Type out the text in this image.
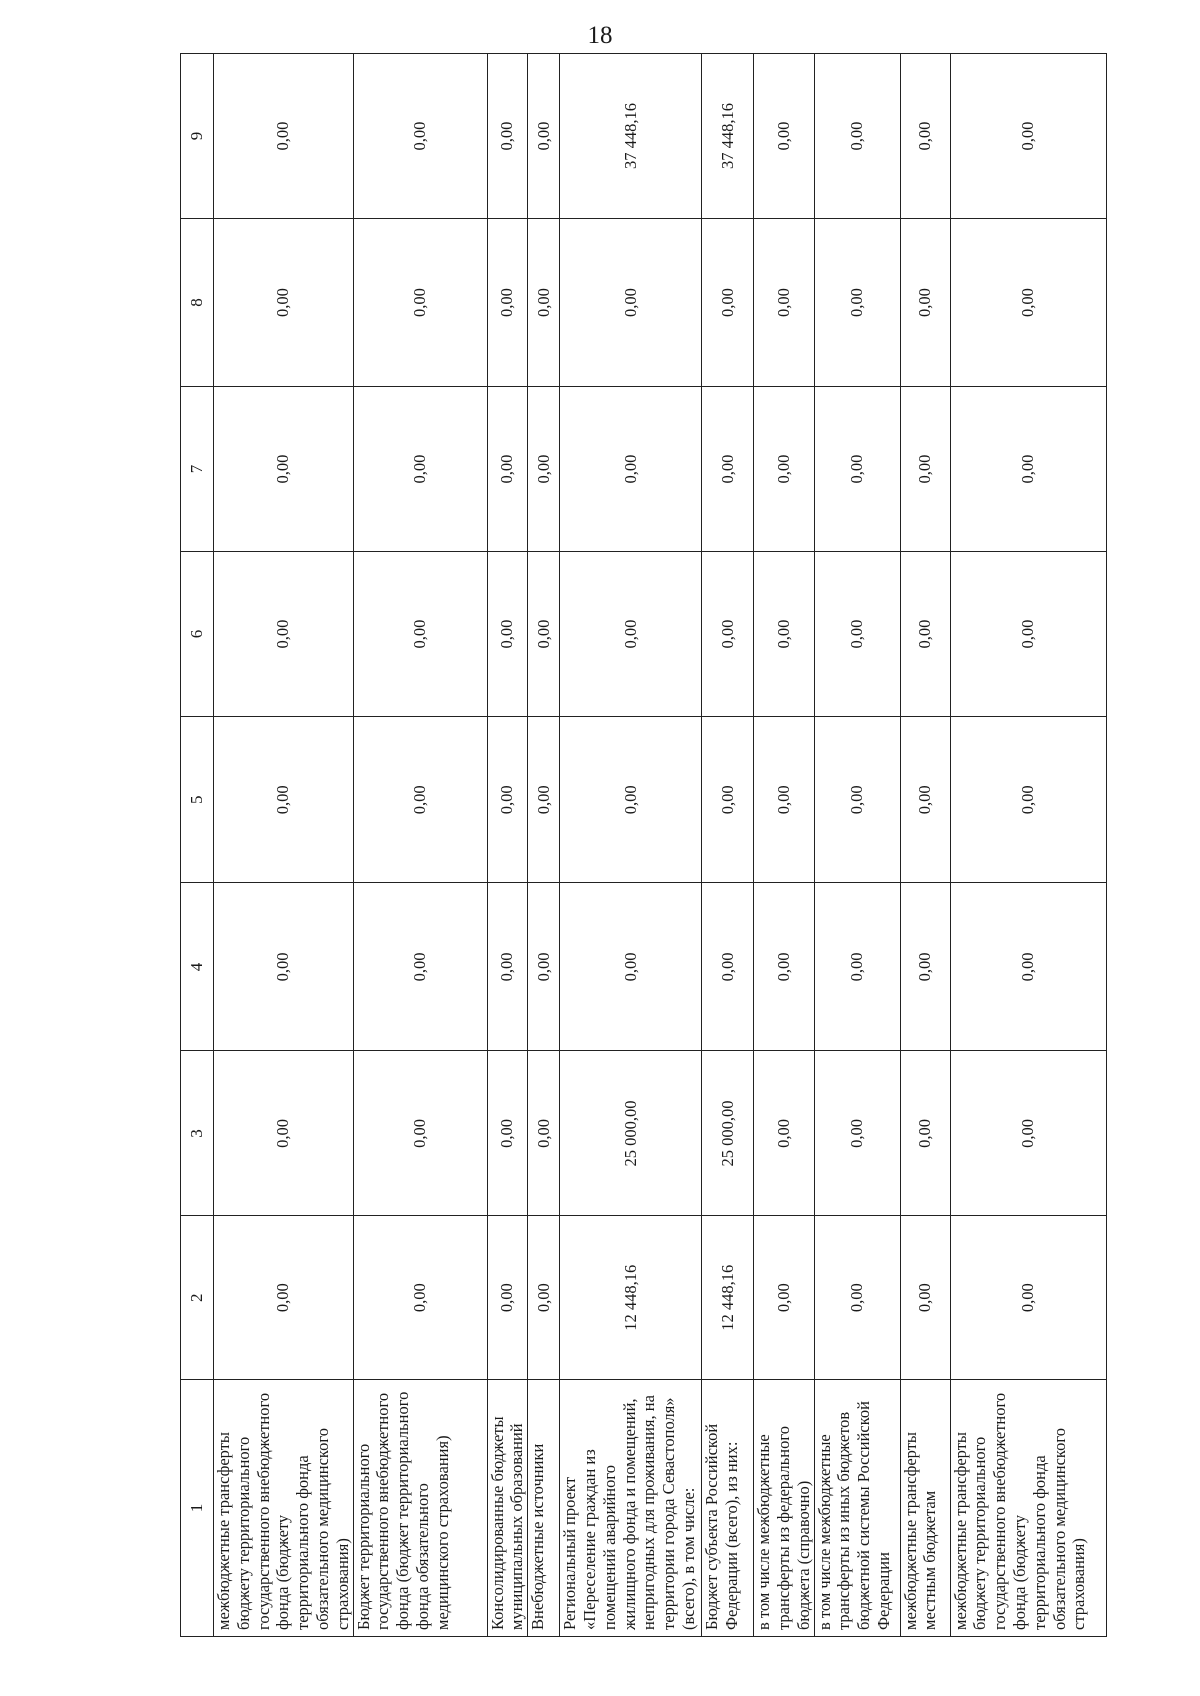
18
1	2	3	4	5	6	7	8	9
межбюджетные трансферты бюджету территориального государственного внебюджетного фонда (бюджету территориального фонда обязательного медицинского страхования)	0,00	0,00	0,00	0,00	0,00	0,00	0,00	0,00
Бюджет территориального государственного внебюджетного фонда (бюджет территориального фонда обязательного медицинского страхования)	0,00	0,00	0,00	0,00	0,00	0,00	0,00	0,00
Консолидированные бюджеты муниципальных образований	0,00	0,00	0,00	0,00	0,00	0,00	0,00	0,00
Внебюджетные источники	0,00	0,00	0,00	0,00	0,00	0,00	0,00	0,00
Региональный проект «Переселение граждан из помещений аварийного жилищного фонда и помещений, непригодных для проживания, на территории города Севастополя» (всего), в том числе:	12 448,16	25 000,00	0,00	0,00	0,00	0,00	0,00	37 448,16
Бюджет субъекта Российской Федерации (всего), из них:	12 448,16	25 000,00	0,00	0,00	0,00	0,00	0,00	37 448,16
в том числе межбюджетные трансферты из федерального бюджета (справочно)	0,00	0,00	0,00	0,00	0,00	0,00	0,00	0,00
в том числе межбюджетные трансферты из иных бюджетов бюджетной системы Российской Федерации	0,00	0,00	0,00	0,00	0,00	0,00	0,00	0,00
межбюджетные трансферты местным бюджетам	0,00	0,00	0,00	0,00	0,00	0,00	0,00	0,00
межбюджетные трансферты бюджету территориального государственного внебюджетного фонда (бюджету территориального фонда обязательного медицинского страхования)	0,00	0,00	0,00	0,00	0,00	0,00	0,00	0,00
